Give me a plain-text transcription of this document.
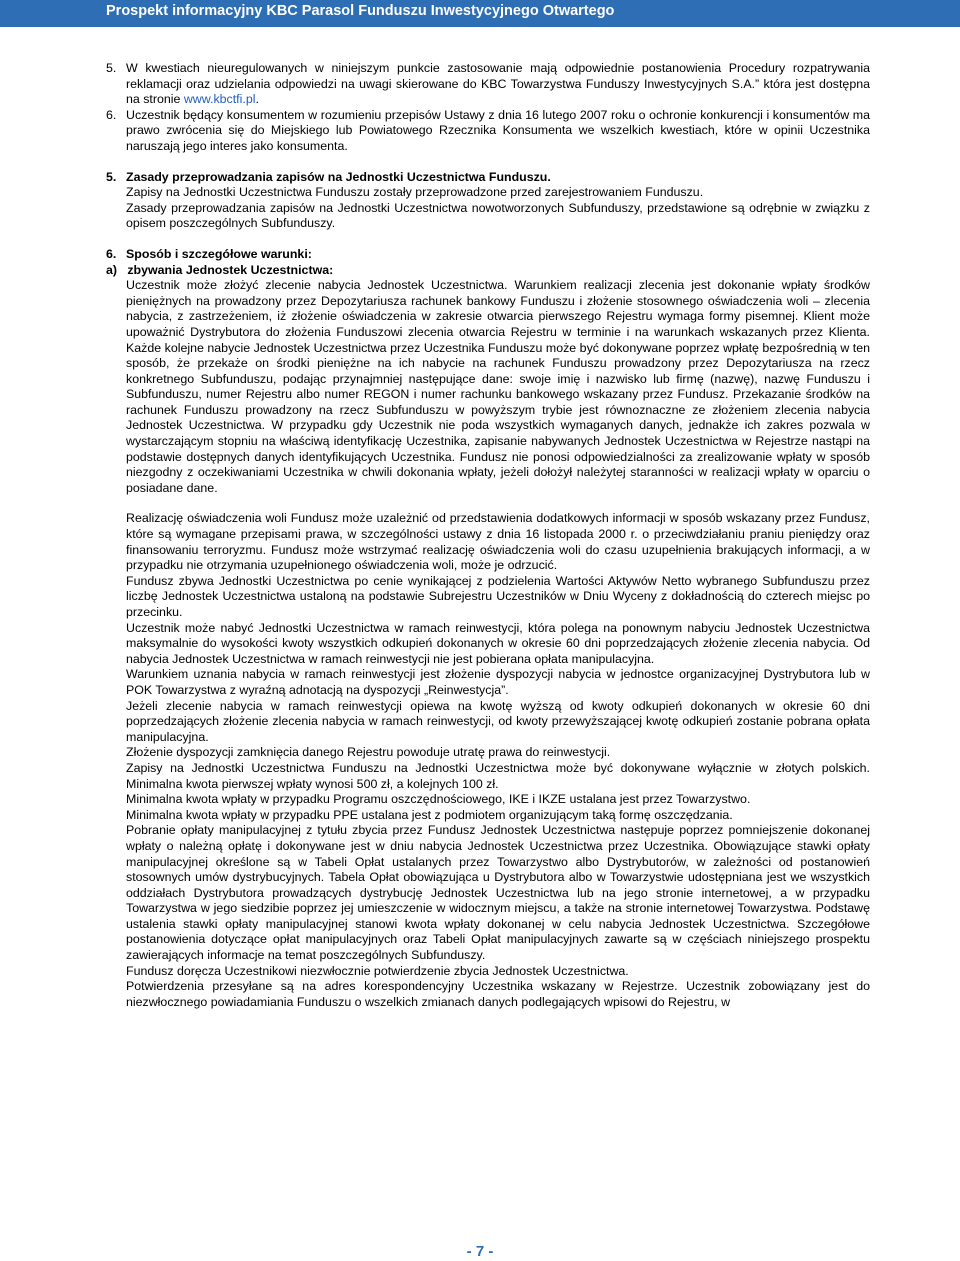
Prospekt informacyjny KBC Parasol Funduszu Inwestycyjnego Otwartego
5. W kwestiach nieuregulowanych w niniejszym punkcie zastosowanie mają odpowiednie postanowienia Procedury rozpatrywania reklamacji oraz udzielania odpowiedzi na uwagi skierowane do KBC Towarzystwa Funduszy Inwestycyjnych S.A.” która jest dostępna na stronie www.kbctfi.pl.
6. Uczestnik będący konsumentem w rozumieniu przepisów Ustawy z dnia 16 lutego 2007 roku o ochronie konkurencji i konsumentów ma prawo zwrócenia się do Miejskiego lub Powiatowego Rzecznika Konsumenta we wszelkich kwestiach, które w opinii Uczestnika naruszają jego interes jako konsumenta.
5. Zasady przeprowadzania zapisów na Jednostki Uczestnictwa Funduszu.

Zapisy na Jednostki Uczestnictwa Funduszu zostały przeprowadzone przed zarejestrowaniem Funduszu.

Zasady przeprowadzania zapisów na Jednostki Uczestnictwa nowotworzonych Subfunduszy, przedstawione są odrębnie w związku z opisem poszczególnych Subfunduszy.

6. Sposób i szczegółowe warunki:

a)   zbywania Jednostek Uczestnictwa:

Uczestnik może złożyć zlecenie nabycia Jednostek Uczestnictwa. Warunkiem realizacji zlecenia jest dokonanie wpłaty środków pieniężnych na prowadzony przez Depozytariusza rachunek bankowy Funduszu i złożenie stosownego oświadczenia woli – zlecenia nabycia, z zastrzeżeniem, iż złożenie oświadczenia w zakresie otwarcia pierwszego Rejestru wymaga formy pisemnej. Klient może upoważnić Dystrybutora do złożenia Funduszowi zlecenia otwarcia Rejestru w terminie i na warunkach wskazanych przez Klienta. Każde kolejne nabycie Jednostek Uczestnictwa przez Uczestnika Funduszu może być dokonywane poprzez wpłatę bezpośrednią w ten sposób, że przekaże on środki pieniężne na ich nabycie na rachunek Funduszu prowadzony przez Depozytariusza na rzecz konkretnego Subfunduszu, podając przynajmniej następujące dane: swoje imię i nazwisko lub firmę (nazwę), nazwę Funduszu i Subfunduszu, numer Rejestru albo numer REGON i numer rachunku bankowego wskazany przez Fundusz. Przekazanie środków na rachunek Funduszu prowadzony na rzecz Subfunduszu w powyższym trybie jest równoznaczne ze złożeniem zlecenia nabycia Jednostek Uczestnictwa. W przypadku gdy Uczestnik nie poda wszystkich wymaganych danych, jednakże ich zakres pozwala w wystarczającym stopniu na właściwą identyfikację Uczestnika, zapisanie nabywanych Jednostek Uczestnictwa w Rejestrze nastąpi na podstawie dostępnych danych identyfikujących Uczestnika. Fundusz nie ponosi odpowiedzialności za zrealizowanie wpłaty w sposób niezgodny z oczekiwaniami Uczestnika w chwili dokonania wpłaty, jeżeli dołożył należytej staranności w realizacji wpłaty w oparciu o posiadane dane.

Realizację oświadczenia woli Fundusz może uzależnić od przedstawienia dodatkowych informacji w sposób wskazany przez Fundusz, które są wymagane przepisami prawa, w szczególności ustawy z dnia 16 listopada 2000 r. o przeciwdziałaniu praniu pieniędzy oraz finansowaniu terroryzmu. Fundusz może wstrzymać realizację oświadczenia woli do czasu uzupełnienia brakujących informacji, a w przypadku nie otrzymania uzupełnionego oświadczenia woli, może je odrzucić.

Fundusz zbywa Jednostki Uczestnictwa po cenie wynikającej z podzielenia Wartości Aktywów Netto wybranego Subfunduszu przez liczbę Jednostek Uczestnictwa ustaloną na podstawie Subrejestru Uczestników w Dniu Wyceny z dokładnością do czterech miejsc po przecinku.

Uczestnik może nabyć Jednostki Uczestnictwa w ramach reinwestycji, która polega na ponownym nabyciu Jednostek Uczestnictwa maksymalnie do wysokości kwoty wszystkich odkupień dokonanych w okresie 60 dni poprzedzających złożenie zlecenia nabycia. Od nabycia Jednostek Uczestnictwa w ramach reinwestycji nie jest pobierana opłata manipulacyjna.

Warunkiem uznania nabycia w ramach reinwestycji jest złożenie dyspozycji nabycia w jednostce organizacyjnej Dystrybutora lub w POK Towarzystwa z wyraźną adnotacją na dyspozycji „Reinwestycja”.

Jeżeli zlecenie nabycia w ramach reinwestycji opiewa na kwotę wyższą od kwoty odkupień dokonanych w okresie 60 dni poprzedzających złożenie zlecenia nabycia w ramach reinwestycji, od kwoty przewyższającej kwotę odkupień zostanie pobrana opłata manipulacyjna.

Złożenie dyspozycji zamknięcia danego Rejestru powoduje utratę prawa do reinwestycji.

Zapisy na Jednostki Uczestnictwa Funduszu na Jednostki Uczestnictwa może być dokonywane wyłącznie w złotych polskich. Minimalna kwota pierwszej wpłaty wynosi 500 zł, a kolejnych 100 zł.

Minimalna kwota wpłaty w przypadku Programu oszczędnościowego, IKE i IKZE ustalana jest przez Towarzystwo.

Minimalna kwota wpłaty w przypadku PPE ustalana jest z podmiotem organizującym taką formę oszczędzania.

Pobranie opłaty manipulacyjnej z tytułu zbycia przez Fundusz Jednostek Uczestnictwa następuje poprzez pomniejszenie dokonanej wpłaty o należną opłatę i dokonywane jest w dniu nabycia Jednostek Uczestnictwa przez Uczestnika. Obowiązujące stawki opłaty manipulacyjnej określone są w Tabeli Opłat ustalanych przez Towarzystwo albo Dystrybutorów, w zależności od postanowień stosownych umów dystrybucyjnych. Tabela Opłat obowiązująca u Dystrybutora albo w Towarzystwie udostępniana jest we wszystkich oddziałach Dystrybutora prowadzących dystrybucję Jednostek Uczestnictwa lub na jego stronie internetowej, a w przypadku Towarzystwa w jego siedzibie poprzez jej umieszczenie w widocznym miejscu, a także na stronie internetowej Towarzystwa. Podstawę ustalenia stawki opłaty manipulacyjnej stanowi kwota wpłaty dokonanej w celu nabycia Jednostek Uczestnictwa. Szczegółowe postanowienia dotyczące opłat manipulacyjnych oraz Tabeli Opłat manipulacyjnych zawarte są w częściach niniejszego prospektu zawierających informacje na temat poszczególnych Subfunduszy.

Fundusz doręcza Uczestnikowi niezwłocznie potwierdzenie zbycia Jednostek Uczestnictwa.

Potwierdzenia przesyłane są na adres korespondencyjny Uczestnika wskazany w Rejestrze. Uczestnik zobowiązany jest do niezwłocznego powiadamiania Funduszu o wszelkich zmianach danych podlegających wpisowi do Rejestru, w

- 7 -
